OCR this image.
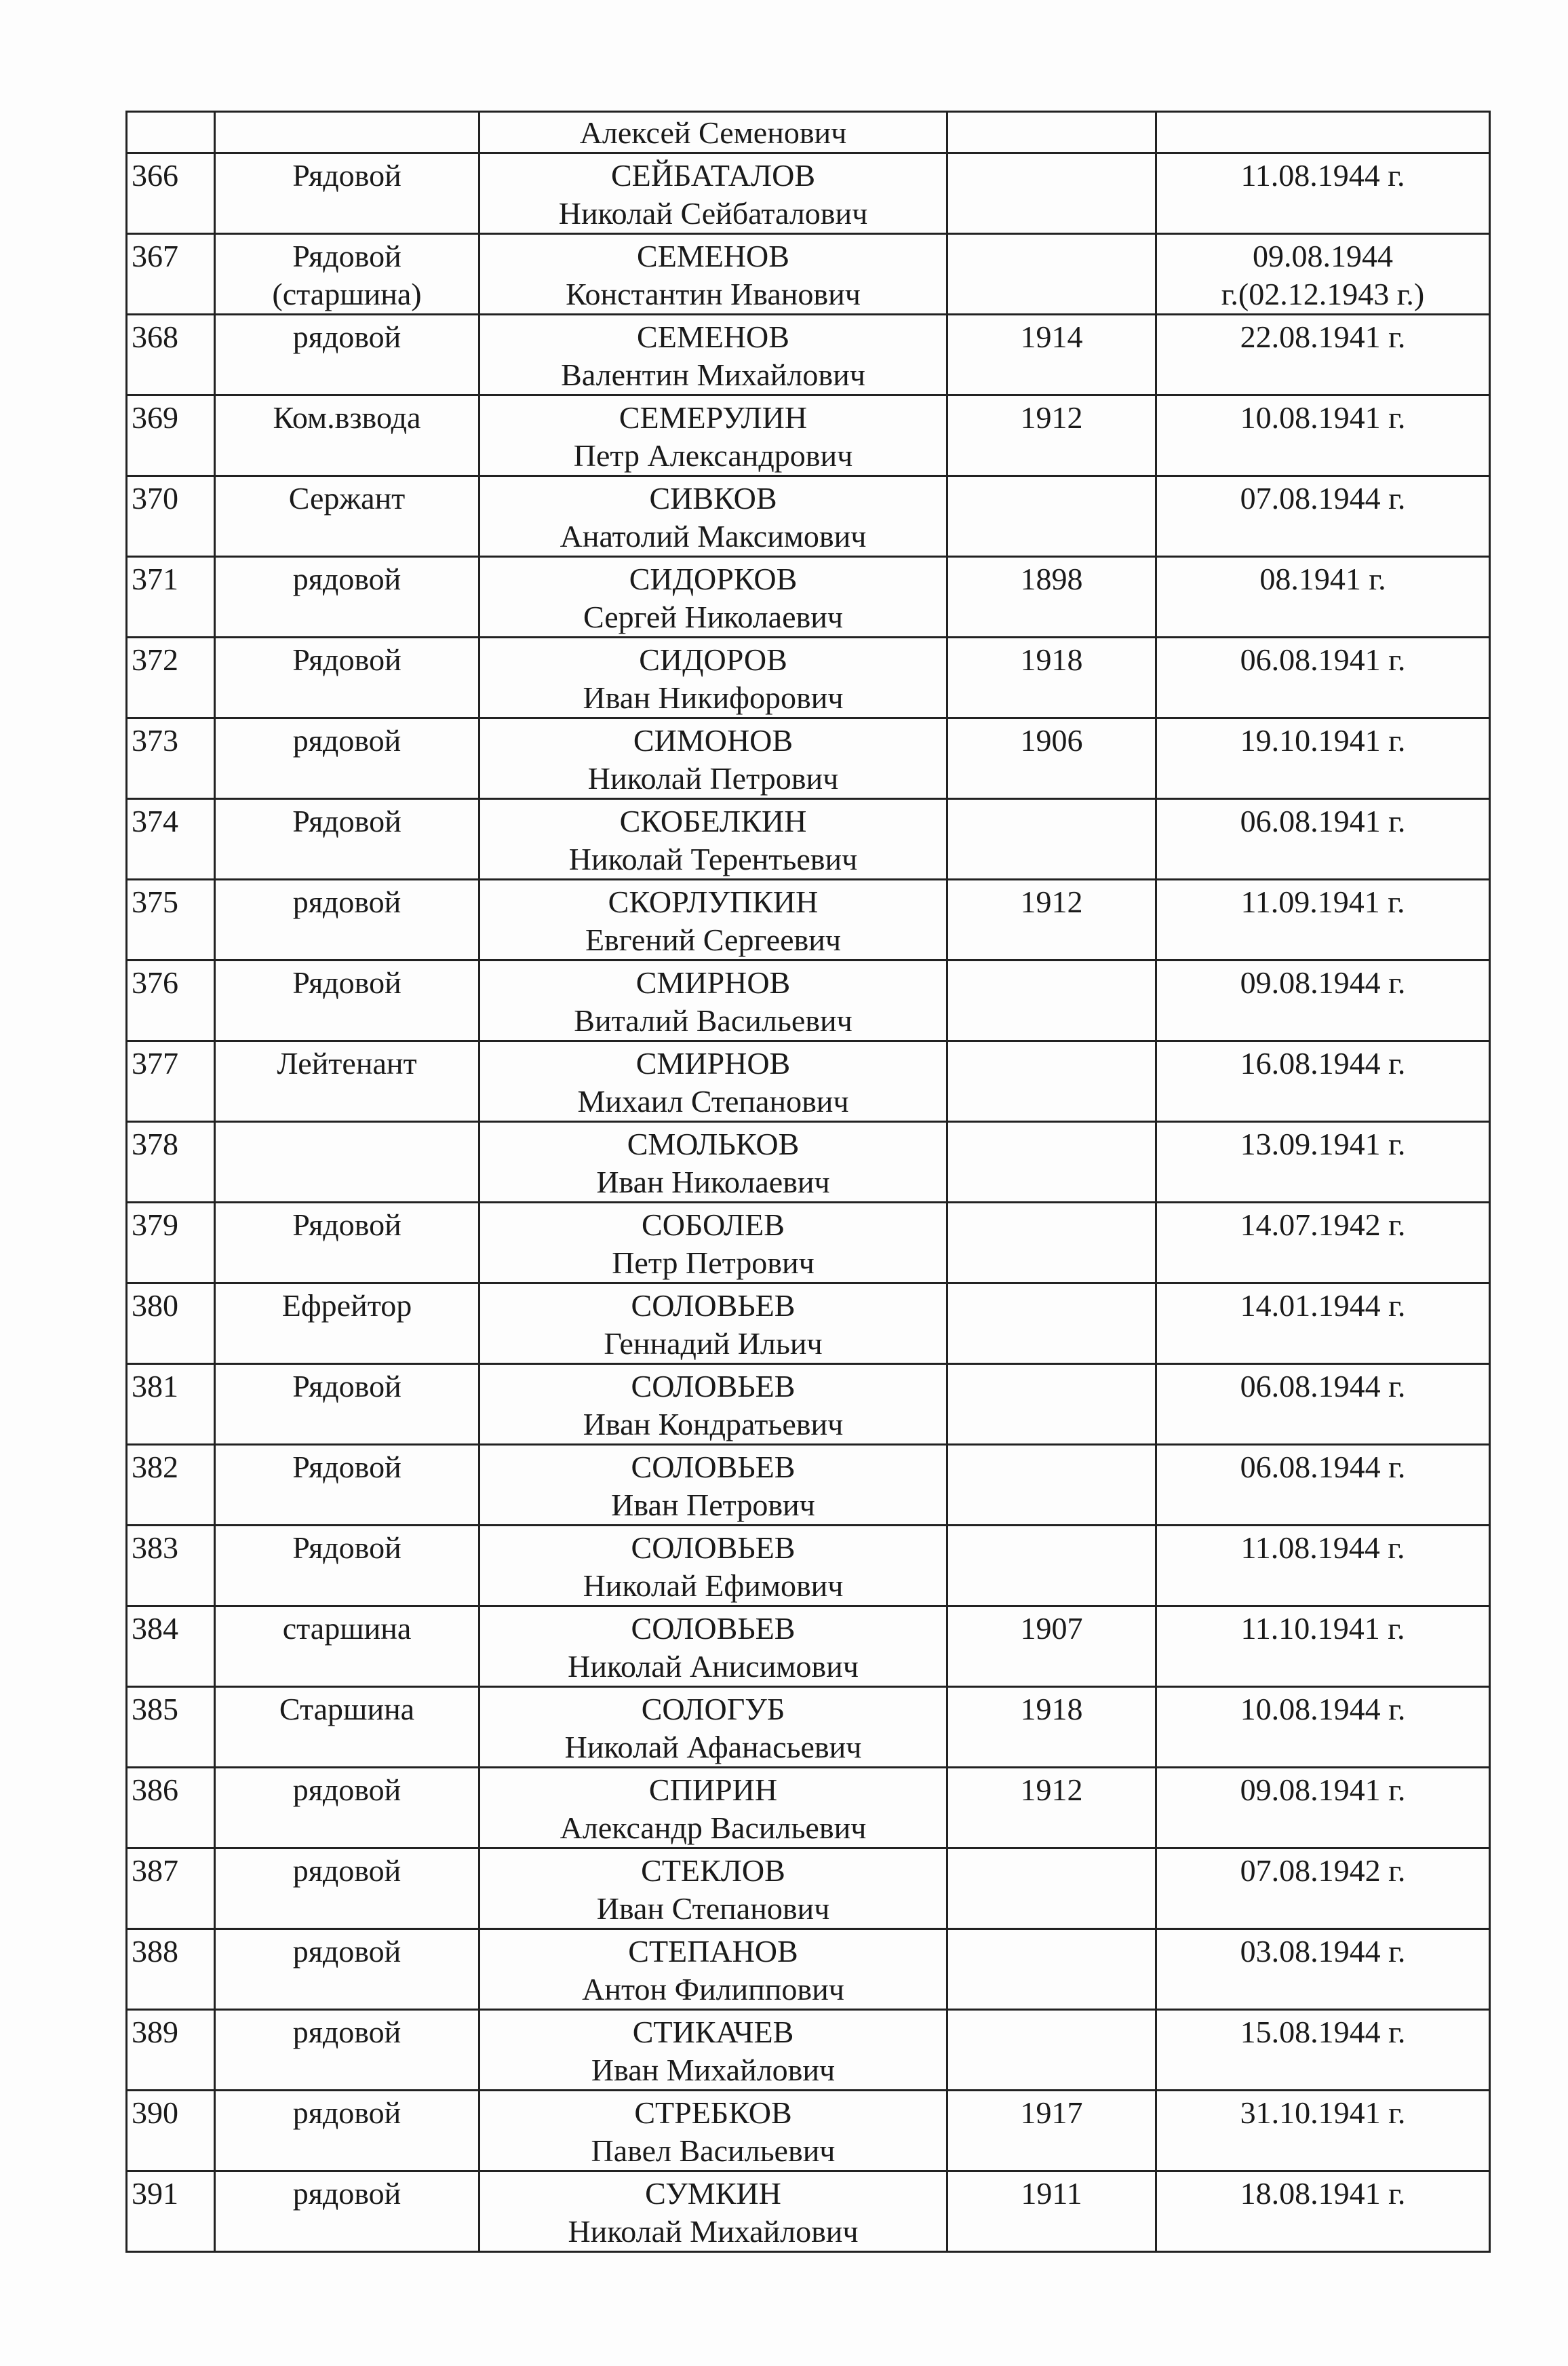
		Алексей Семенович		

366	Рядовой	СЕЙБАТАЛОВ
Николай Сейбаталович		11.08.1944 г.

367	Рядовой
(старшина)	СЕМЕНОВ
Константин Иванович		09.08.1944
г.(02.12.1943 г.)

368	рядовой	СЕМЕНОВ
Валентин Михайлович	1914	22.08.1941 г.

369	Ком.взвода	СЕМЕРУЛИН
Петр Александрович	1912	10.08.1941 г.

370	Сержант	СИВКОВ
Анатолий Максимович		07.08.1944 г.

371	рядовой	СИДОРКОВ
Сергей Николаевич	1898	08.1941 г.

372	Рядовой	СИДОРОВ
Иван Никифорович	1918	06.08.1941 г.

373	рядовой	СИМОНОВ
Николай Петрович	1906	19.10.1941 г.

374	Рядовой	СКОБЕЛКИН
Николай Терентьевич		06.08.1941 г.

375	рядовой	СКОРЛУПКИН
Евгений Сергеевич	1912	11.09.1941 г.

376	Рядовой	СМИРНОВ
Виталий Васильевич		09.08.1944 г.

377	Лейтенант	СМИРНОВ
Михаил Степанович		16.08.1944 г.

378		СМОЛЬКОВ
Иван Николаевич		13.09.1941 г.

379	Рядовой	СОБОЛЕВ
Петр Петрович		14.07.1942 г.

380	Ефрейтор	СОЛОВЬЕВ
Геннадий Ильич		14.01.1944 г.

381	Рядовой	СОЛОВЬЕВ
Иван Кондратьевич		06.08.1944 г.

382	Рядовой	СОЛОВЬЕВ
Иван Петрович		06.08.1944 г.

383	Рядовой	СОЛОВЬЕВ
Николай Ефимович		11.08.1944 г.

384	старшина	СОЛОВЬЕВ
Николай Анисимович	1907	11.10.1941 г.

385	Старшина	СОЛОГУБ
Николай Афанасьевич	1918	10.08.1944 г.

386	рядовой	СПИРИН
Александр Васильевич	1912	09.08.1941 г.

387	рядовой	СТЕКЛОВ
Иван Степанович		07.08.1942 г.

388	рядовой	СТЕПАНОВ
Антон Филиппович		03.08.1944 г.

389	рядовой	СТИКАЧЕВ
Иван Михайлович		15.08.1944 г.

390	рядовой	СТРЕБКОВ
Павел Васильевич	1917	31.10.1941 г.

391	рядовой	СУМКИН
Николай Михайлович	1911	18.08.1941 г.
